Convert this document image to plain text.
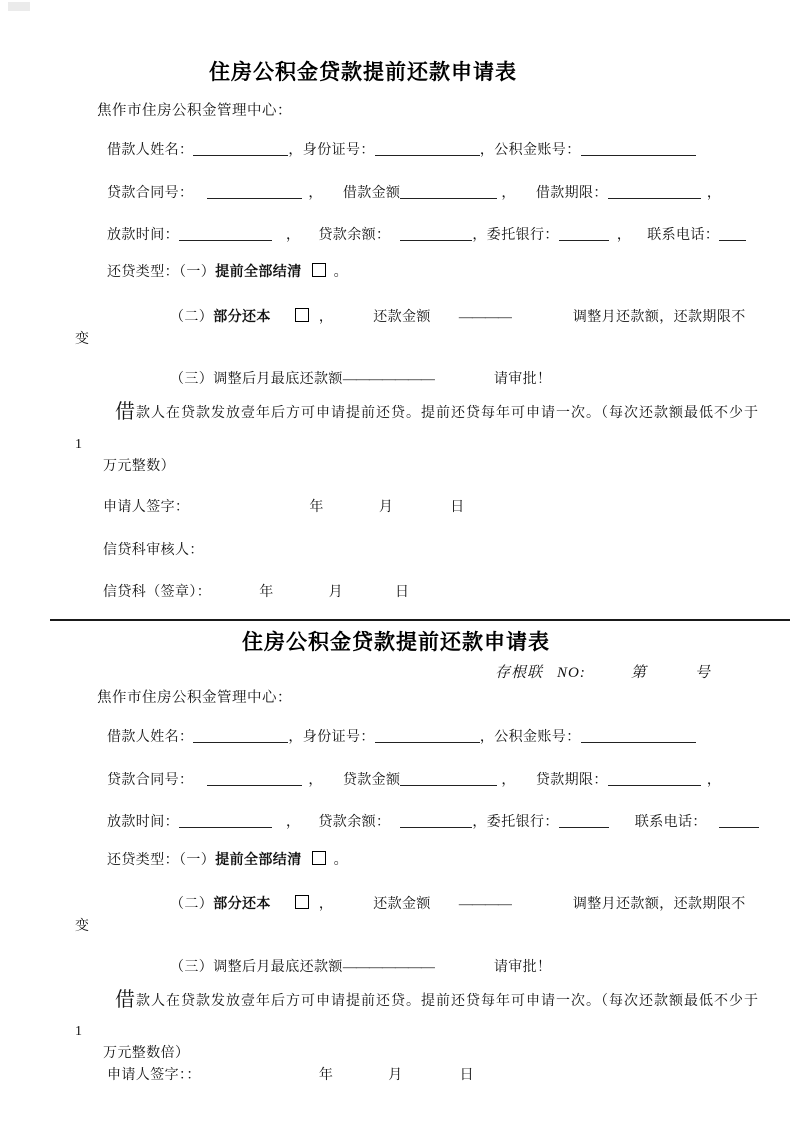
住房公积金贷款提前还款申请表
焦作市住房公积金管理中心：
借款人姓名：	，身份证号：	，公积金账号：
贷款合同号：	， 借款金额	， 借款期限：	，
放款时间：	， 贷款余额：	，委托银行：	， 联系电话：
还贷类型：（一）提前全部结清 。
（二）部分还本	，	还款金额 ————	调整月还款额，还款期限不
变
（三）调整后月最底还款额———————	请审批！
借款人在贷款发放壹年后方可申请提前还贷。提前还贷每年可申请一次。（每次还款额最低不少于
1
万元整数）
申请人签字：	年	月	日
信贷科审核人：
信贷科（签章）：	年	月	日
住房公积金贷款提前还款申请表
焦作市住房公积金管理中心：
存根联 NO:	第	号
借款人姓名：	，身份证号：	，公积金账号：
贷款合同号：	， 贷款金额	， 贷款期限：	，
放款时间：	， 贷款余额：	，委托银行：	联系电话：
还贷类型：（一）提前全部结清 。
（二）部分还本	，	还款金额 ————	调整月还款额，还款期限不
变
（三）调整后月最底还款额———————	请审批！
借款人在贷款发放壹年后方可申请提前还贷。提前还贷每年可申请一次。（每次还款额最低不少于
1
万元整数倍）
申请人签字：：	年	月	日
